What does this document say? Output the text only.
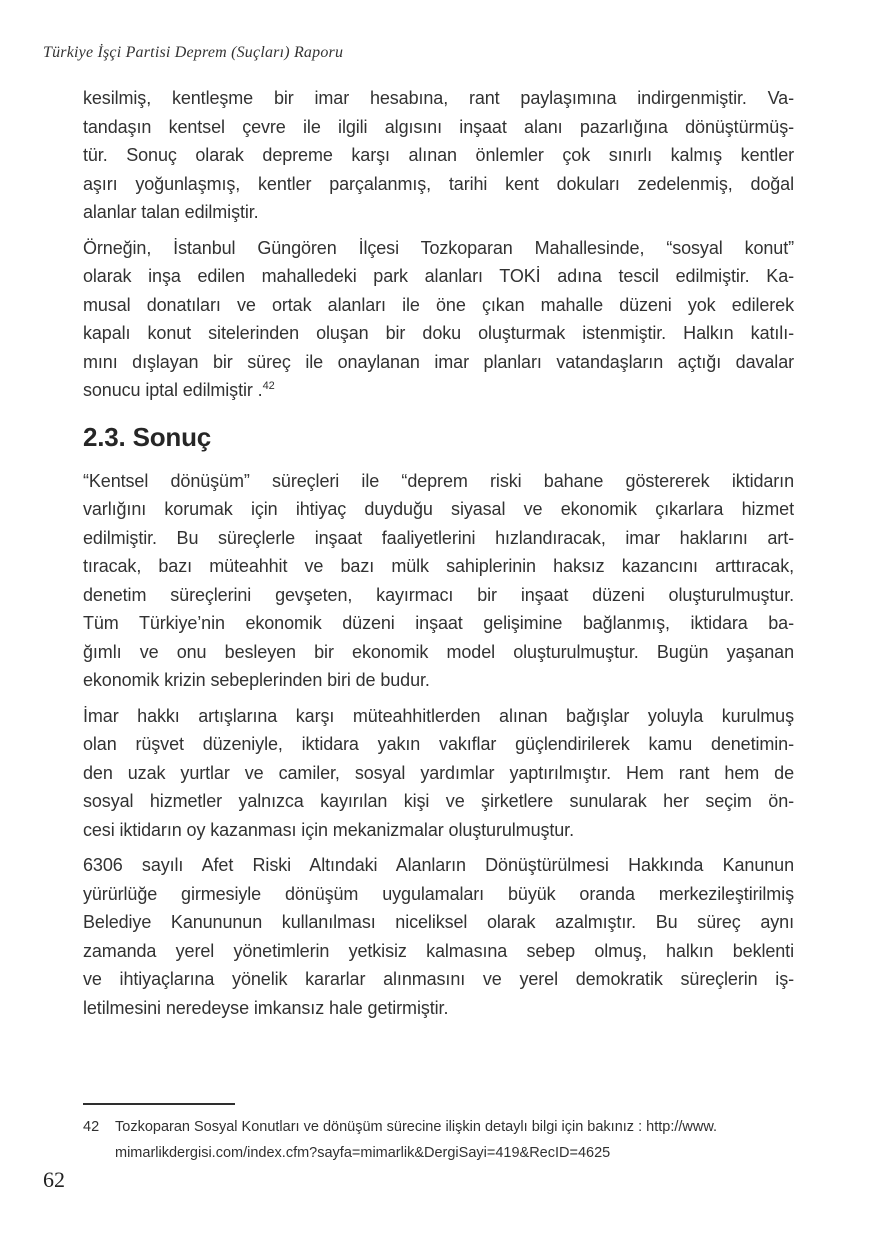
Türkiye İşçi Partisi Deprem (Suçları) Raporu
kesilmiş, kentleşme bir imar hesabına, rant paylaşımına indirgenmiştir. Va-
tandaşın kentsel çevre ile ilgili algısını inşaat alanı pazarlığına dönüştürmüş-
tür. Sonuç olarak depreme karşı alınan önlemler çok sınırlı kalmış kentler
aşırı yoğunlaşmış, kentler parçalanmış, tarihi kent dokuları zedelenmiş, doğal
alanlar talan edilmiştir.
Örneğin, İstanbul Güngören İlçesi Tozkoparan Mahallesinde, “sosyal konut”
olarak inşa edilen mahalledeki park alanları TOKİ adına tescil edilmiştir. Ka-
musal donatıları ve ortak alanları ile öne çıkan mahalle düzeni yok edilerek
kapalı konut sitelerinden oluşan bir doku oluşturmak istenmiştir. Halkın katılı-
mını dışlayan bir süreç ile onaylanan imar planları vatandaşların açtığı davalar
sonucu iptal edilmiştir .$^{42}$
2.3. Sonuç
“Kentsel dönüşüm” süreçleri ile “deprem riski bahane göstererek iktidarın
varlığını korumak için ihtiyaç duyduğu siyasal ve ekonomik çıkarlara hizmet
edilmiştir. Bu süreçlerle inşaat faaliyetlerini hızlandıracak, imar haklarını art-
tıracak, bazı müteahhit ve bazı mülk sahiplerinin haksız kazancını arttıracak,
denetim süreçlerini gevşeten, kayırmacı bir inşaat düzeni oluşturulmuştur.
Tüm Türkiye’nin ekonomik düzeni inşaat gelişimine bağlanmış, iktidara ba-
ğımlı ve onu besleyen bir ekonomik model oluşturulmuştur. Bugün yaşanan
ekonomik krizin sebeplerinden biri de budur.
İmar hakkı artışlarına karşı müteahhitlerden alınan bağışlar yoluyla kurulmuş
olan rüşvet düzeniyle, iktidara yakın vakıflar güçlendirilerek kamu denetimin-
den uzak yurtlar ve camiler, sosyal yardımlar yaptırılmıştır. Hem rant hem de
sosyal hizmetler yalnızca kayırılan kişi ve şirketlere sunularak her seçim ön-
cesi iktidarın oy kazanması için mekanizmalar oluşturulmuştur.
6306 sayılı Afet Riski Altındaki Alanların Dönüştürülmesi Hakkında Kanunun
yürürlüğe girmesiyle dönüşüm uygulamaları büyük oranda merkezileştirilmiş
Belediye Kanununun kullanılması niceliksel olarak azalmıştır. Bu süreç aynı
zamanda yerel yönetimlerin yetkisiz kalmasına sebep olmuş, halkın beklenti
ve ihtiyaçlarına yönelik kararlar alınmasını ve yerel demokratik süreçlerin iş-
letilmesini neredeyse imkansız hale getirmiştir.
42	Tozkoparan Sosyal Konutları ve dönüşüm sürecine ilişkin detaylı bilgi için bakınız : http://www.
mimarlikdergisi.com/index.cfm?sayfa=mimarlik&DergiSayi=419&RecID=4625
62
